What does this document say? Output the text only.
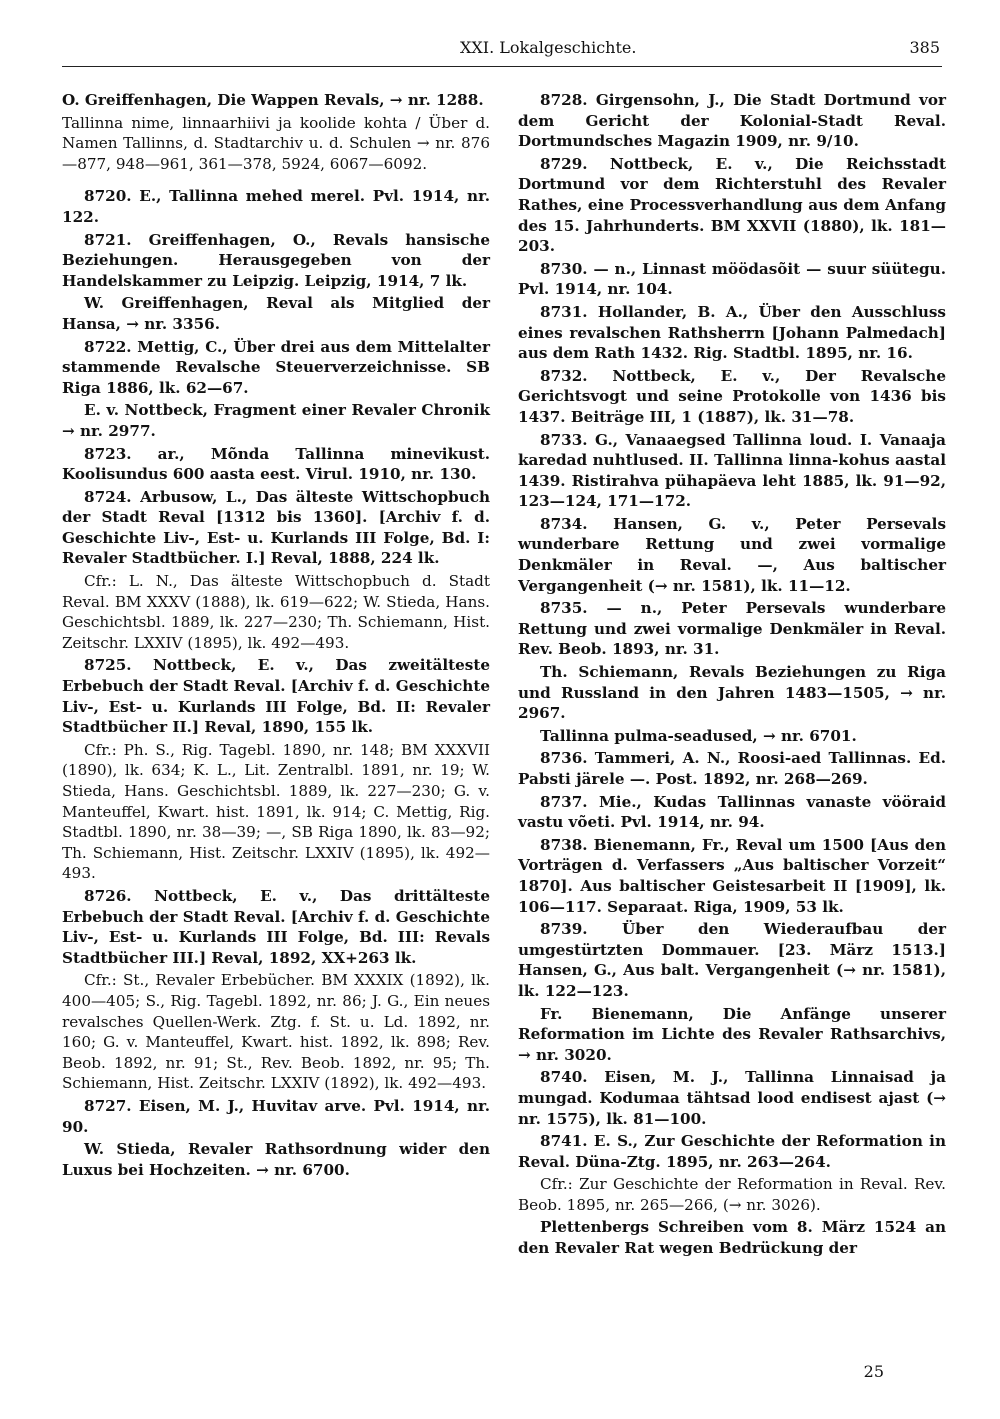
XXI. Lokalgeschichte.	385

O. Greiffenhagen, Die Wappen Revals, → nr. 1288.

Tallinna nime, linnaarhiivi ja koolide kohta / Über d. Namen Tallinns, d. Stadtarchiv u. d. Schulen → nr. 876—877, 948—961, 361—378, 5924, 6067—6092.

8720. E., Tallinna mehed merel. Pvl. 1914, nr. 122.

8721. Greiffenhagen, O., Revals hansische Beziehungen. Herausgegeben von der Handelskammer zu Leipzig. Leipzig, 1914, 7 lk.

W. Greiffenhagen, Reval als Mitglied der Hansa, → nr. 3356.

8722. Mettig, C., Über drei aus dem Mittelalter stammende Revalsche Steuerverzeichnisse. SB Riga 1886, lk. 62—67.

E. v. Nottbeck, Fragment einer Revaler Chronik → nr. 2977.

8723. ar., Mõnda Tallinna minevikust. Koolisundus 600 aasta eest. Virul. 1910, nr. 130.

8724. Arbusow, L., Das älteste Wittschopbuch der Stadt Reval [1312 bis 1360]. [Archiv f. d. Geschichte Liv-, Est- u. Kurlands III Folge, Bd. I: Revaler Stadtbücher. I.] Reval, 1888, 224 lk.

Cfr.: L. N., Das älteste Wittschopbuch d. Stadt Reval. BM XXXV (1888), lk. 619—622; W. Stieda, Hans. Geschichtsbl. 1889, lk. 227—230; Th. Schiemann, Hist. Zeitschr. LXXIV (1895), lk. 492—493.

8725. Nottbeck, E. v., Das zweitälteste Erbebuch der Stadt Reval. [Archiv f. d. Geschichte Liv-, Est- u. Kurlands III Folge, Bd. II: Revaler Stadtbücher II.] Reval, 1890, 155 lk.

Cfr.: Ph. S., Rig. Tagebl. 1890, nr. 148; BM XXXVII (1890), lk. 634; K. L., Lit. Zentralbl. 1891, nr. 19; W. Stieda, Hans. Geschichtsbl. 1889, lk. 227—230; G. v. Manteuffel, Kwart. hist. 1891, lk. 914; C. Mettig, Rig. Stadtbl. 1890, nr. 38—39; —, SB Riga 1890, lk. 83—92; Th. Schiemann, Hist. Zeitschr. LXXIV (1895), lk. 492—493.

8726. Nottbeck, E. v., Das drittälteste Erbebuch der Stadt Reval. [Archiv f. d. Geschichte Liv-, Est- u. Kurlands III Folge, Bd. III: Revals Stadtbücher III.] Reval, 1892, XX+263 lk.

Cfr.: St., Revaler Erbebücher. BM XXXIX (1892), lk. 400—405; S., Rig. Tagebl. 1892, nr. 86; J. G., Ein neues revalsches Quellen-Werk. Ztg. f. St. u. Ld. 1892, nr. 160; G. v. Manteuffel, Kwart. hist. 1892, lk. 898; Rev. Beob. 1892, nr. 91; St., Rev. Beob. 1892, nr. 95; Th. Schiemann, Hist. Zeitschr. LXXIV (1892), lk. 492—493.

8727. Eisen, M. J., Huvitav arve. Pvl. 1914, nr. 90.

W. Stieda, Revaler Rathsordnung wider den Luxus bei Hochzeiten. → nr. 6700.

8728. Girgensohn, J., Die Stadt Dortmund vor dem Gericht der Kolonial-Stadt Reval. Dortmundsches Magazin 1909, nr. 9/10.

8729. Nottbeck, E. v., Die Reichsstadt Dortmund vor dem Richterstuhl des Revaler Rathes, eine Processverhandlung aus dem Anfang des 15. Jahrhunderts. BM XXVII (1880), lk. 181—203.

8730. — n., Linnast möödasõit — suur süütegu. Pvl. 1914, nr. 104.

8731. Hollander, B. A., Über den Ausschluss eines revalschen Rathsherrn [Johann Palmedach] aus dem Rath 1432. Rig. Stadtbl. 1895, nr. 16.

8732. Nottbeck, E. v., Der Revalsche Gerichtsvogt und seine Protokolle von 1436 bis 1437. Beiträge III, 1 (1887), lk. 31—78.

8733. G., Vanaaegsed Tallinna loud. I. Vanaaja karedad nuhtlused. II. Tallinna linna-kohus aastal 1439. Ristirahva pühapäeva leht 1885, lk. 91—92, 123—124, 171—172.

8734. Hansen, G. v., Peter Persevals wunderbare Rettung und zwei vormalige Denkmäler in Reval. —, Aus baltischer Vergangenheit (→ nr. 1581), lk. 11—12.

8735. — n., Peter Persevals wunderbare Rettung und zwei vormalige Denkmäler in Reval. Rev. Beob. 1893, nr. 31.

Th. Schiemann, Revals Beziehungen zu Riga und Russland in den Jahren 1483—1505, → nr. 2967.

Tallinna pulma-seadused, → nr. 6701.

8736. Tammeri, A. N., Roosi-aed Tallinnas. Ed. Pabsti järele —. Post. 1892, nr. 268—269.

8737. Mie., Kudas Tallinnas vanaste vööraid vastu võeti. Pvl. 1914, nr. 94.

8738. Bienemann, Fr., Reval um 1500 [Aus den Vorträgen d. Verfassers „Aus baltischer Vorzeit“ 1870]. Aus baltischer Geistesarbeit II [1909], lk. 106—117. Separaat. Riga, 1909, 53 lk.

8739. Über den Wiederaufbau der umgestürtzten Dommauer. [23. März 1513.] Hansen, G., Aus balt. Vergangenheit (→ nr. 1581), lk. 122—123.

Fr. Bienemann, Die Anfänge unserer Reformation im Lichte des Revaler Rathsarchivs, → nr. 3020.

8740. Eisen, M. J., Tallinna Linnaisad ja mungad. Kodumaa tähtsad lood endisest ajast (→ nr. 1575), lk. 81—100.

8741. E. S., Zur Geschichte der Reformation in Reval. Düna-Ztg. 1895, nr. 263—264.

Cfr.: Zur Geschichte der Reformation in Reval. Rev. Beob. 1895, nr. 265—266, (→ nr. 3026).

Plettenbergs Schreiben vom 8. März 1524 an den Revaler Rat wegen Bedrückung der

25
